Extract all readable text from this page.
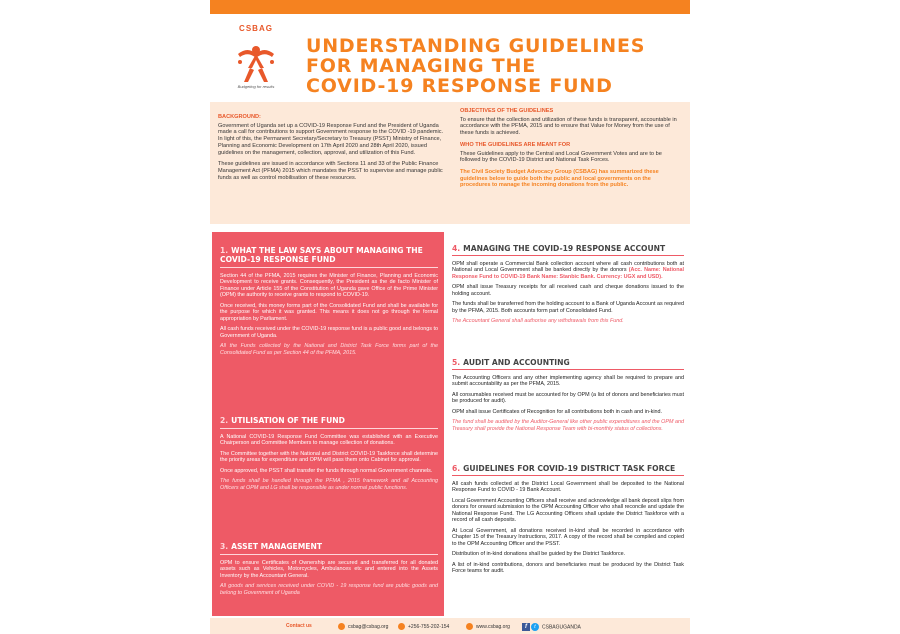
CSBAG
Budgeting for results
UNDERSTANDING GUIDELINES
FOR MANAGING THE
COVID-19 RESPONSE FUND
BACKGROUND:

Government of Uganda set up a COVID-19 Response Fund and the President of Uganda made a call for contributions to support Government response to the COVID -19 pandemic. In light of this, the Permanent Secretary/Secretary to Treasury (PSST) Ministry of Finance, Planning and Economic Development on 17th April 2020 and 28th April 2020, issued guidelines on the management, collection, approval, and utilization of this Fund.

These guidelines are issued in accordance with Sections 11 and 33 of the Public Finance Management Act (PFMA) 2015 which mandates the PSST to supervise and manage public funds as well as control mobilisation of these resources.

OBJECTIVES OF THE GUIDELINES

To ensure that the collection and utilization of these funds is transparent, accountable in accordance with the PFMA, 2015 and to ensure that Value for Money from the use of these funds is achieved.

WHO THE GUIDELINES ARE MEANT FOR

These Guidelines apply to the Central and Local Government Votes and are to be followed by the COVID-19 District and National Task Forces.

The Civil Society Budget Advocacy Group (CSBAG) has summarized these guidelines below to guide both the public and local governments on the procedures to manage the incoming donations from the public.

1. WHAT THE LAW SAYS ABOUT MANAGING THE COVID-19 RESPONSE FUND

Section 44 of the PFMA, 2015 requires the Minister of Finance, Planning and Economic Development to receive grants. Consequently, the President as the de facto Minister of Finance under Article 155 of the Constitution of Uganda gave Office of the Prime Minister (OPM) the authority to receive grants to respond to COVID-19.

Once received, this money forms part of the Consolidated Fund and shall be available for the purpose for which it was granted. This means it does not go through the formal appropriation by Parliament.

All cash funds received under the COVID-19 response fund is a public good and belongs to Government of Uganda.

All the Funds collected by the National and District Task Force forms part of the Consolidated Fund as per Section 44 of the PFMA, 2015.

2. UTILISATION OF THE FUND

A National COVID-19 Response Fund Committee was established with an Executive Chairperson and Committee Members to manage collection of donations.

The Committee together with the National and District COVID-19 Taskforce shall determine the priority areas for expenditure and OPM will pass them onto Cabinet for approval.

Once approved, the PSST shall transfer the funds through normal Government channels.

The funds shall be handled through the PFMA , 2015 framework and all Accounting Officers at OPM and LG shall be responsible as under normal public functions.

3. ASSET MANAGEMENT

OPM to ensure Certificates of Ownership are secured and transferred for all donated assets such as Vehicles, Motorcycles, Ambulances etc and entered into the Assets Inventory by the Accountant General.

All goods and services received under COVID - 19 response fund are public goods and belong to Government of Uganda

4. MANAGING THE COVID-19 RESPONSE ACCOUNT

OPM shall operate a Commercial Bank collection account where all cash contributions both at National and Local Government shall be banked directly by the donors (Acc. Name: National Response Fund to COVID-19 Bank Name: Stanbic Bank. Currency: UGX and USD).

OPM shall issue Treasury receipts for all received cash and cheque donations issued to the holding account.

The funds shall be transferred from the holding account to a Bank of Uganda Account as required by the PFMA, 2015. Both accounts form part of Consolidated Fund.

The Accountant General shall authorise any withdrawals from this Fund.

5. AUDIT AND ACCOUNTING

The Accounting Officers and any other implementing agency shall be required to prepare and submit accountability as per the PFMA, 2015.

All consumables received must be accounted for by OPM (a list of donors and beneficiaries must be produced for audit).

OPM shall issue Certificates of Recognition for all contributions both in cash and in-kind.

The fund shall be audited by the Auditor-General like other public expenditures and the OPM and Treasury shall provide the National Response Team with bi-monthly status of collections.

6. GUIDELINES FOR COVID-19 DISTRICT TASK FORCE

All cash funds collected at the District Local Government shall be deposited to the National Response Fund to COVID - 19 Bank Account.

Local Government Accounting Officers shall receive and acknowledge all bank deposit slips from donors for onward submission to the OPM Accounting Officer who shall reconcile and update the National Response Fund. The LG Accounting Officers shall update the District Taskforce with a record of all cash deposits.

At Local Government, all donations received in-kind shall be recorded in accordance with Chapter 15 of the Treasury Instructions, 2017. A copy of the record shall be compiled and copied to the OPM Accounting Officer and the PSST.

Distribution of in-kind donations shall be guided by the District Taskforce.

A list of in-kind contributions, donors and beneficiaries must be produced by the District Task Force teams for audit.

Contact us	csbag@csbag.org	+256-755-202-154	www.csbag.org	f t CSBAGUGANDA
